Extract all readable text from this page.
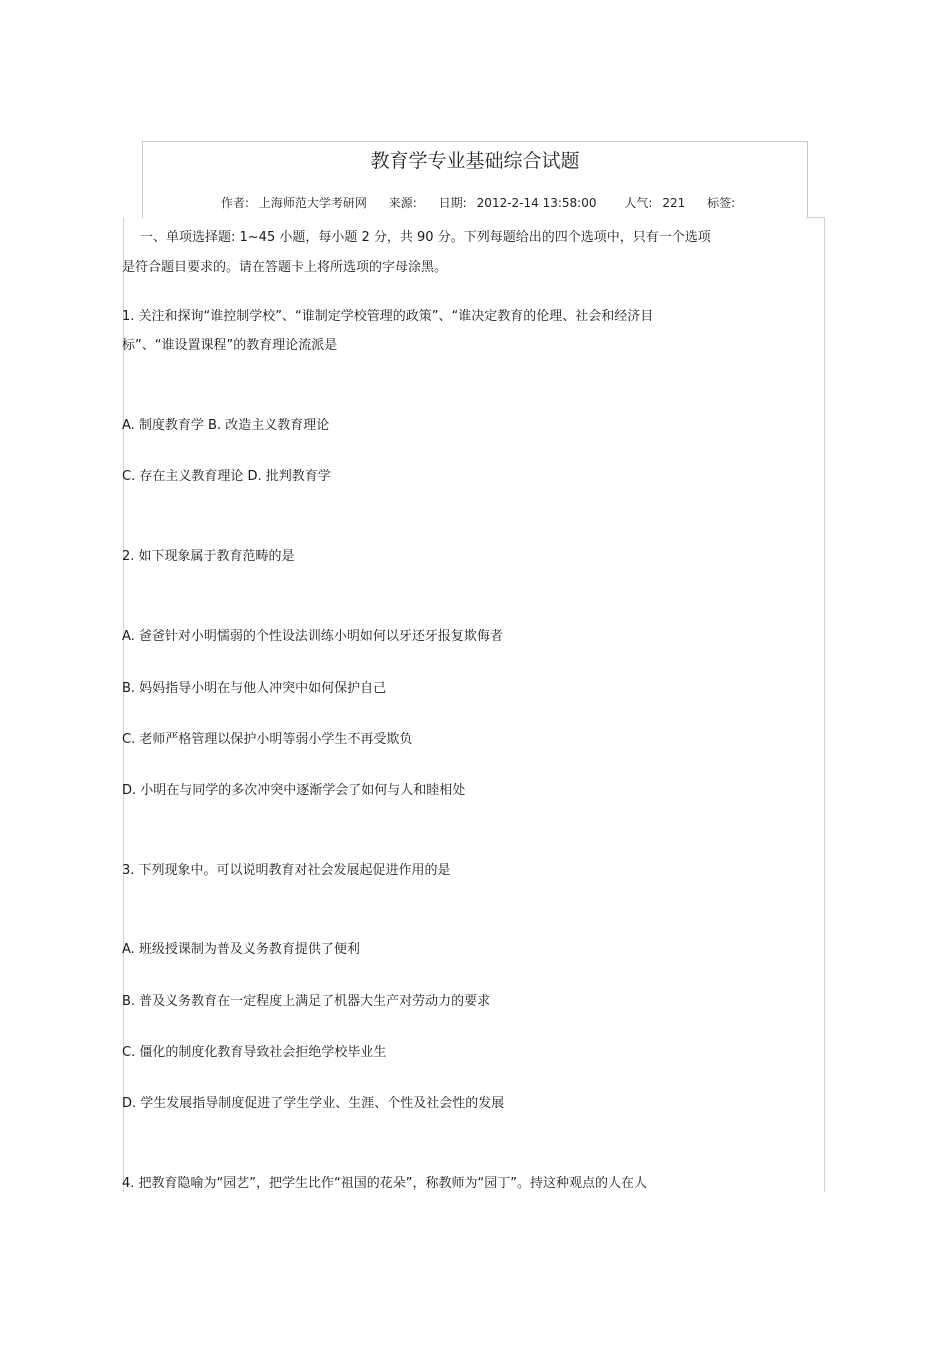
教育学专业基础综合试题
作者: 上海师范大学考研网 来源: 日期: 2012-2-14 13:58:00 人气: 221 标签:
一、单项选择题: 1~45 小题，每小题 2 分，共 90 分。下列每题给出的四个选项中，只有一个选项
是符合题目要求的。请在答题卡上将所选项的字母涂黑。
1. 关注和探询“谁控制学校”、“谁制定学校管理的政策”、“谁决定教育的伦理、社会和经济目
标”、“谁设置课程”的教育理论流派是
A. 制度教育学 B. 改造主义教育理论
C. 存在主义教育理论 D. 批判教育学
2. 如下现象属于教育范畴的是
A. 爸爸针对小明懦弱的个性设法训练小明如何以牙还牙报复欺侮者
B. 妈妈指导小明在与他人冲突中如何保护自己
C. 老师严格管理以保护小明等弱小学生不再受欺负
D. 小明在与同学的多次冲突中逐渐学会了如何与人和睦相处
3. 下列现象中。可以说明教育对社会发展起促进作用的是
A. 班级授课制为普及义务教育提供了便利
B. 普及义务教育在一定程度上满足了机器大生产对劳动力的要求
C. 僵化的制度化教育导致社会拒绝学校毕业生
D. 学生发展指导制度促进了学生学业、生涯、个性及社会性的发展
4. 把教育隐喻为“园艺”，把学生比作“祖国的花朵”，称教师为“园丁”。持这种观点的人在人
